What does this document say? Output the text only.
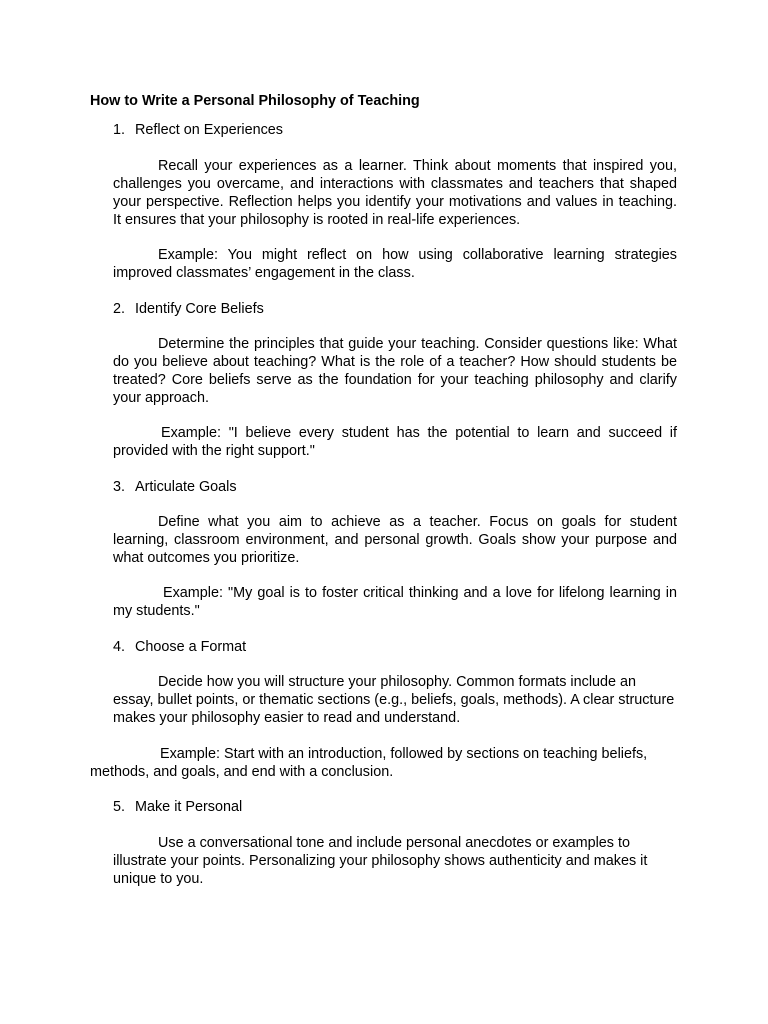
How to Write a Personal Philosophy of Teaching
1. Reflect on Experiences

Recall your experiences as a learner. Think about moments that inspired you, challenges you overcame, and interactions with classmates and teachers that shaped your perspective. Reflection helps you identify your motivations and values in teaching. It ensures that your philosophy is rooted in real-life experiences.

Example: You might reflect on how using collaborative learning strategies improved classmates’ engagement in the class.

2. Identify Core Beliefs

Determine the principles that guide your teaching. Consider questions like: What do you believe about teaching? What is the role of a teacher? How should students be treated? Core beliefs serve as the foundation for your teaching philosophy and clarify your approach.

Example: "I believe every student has the potential to learn and succeed if provided with the right support."

3. Articulate Goals

Define what you aim to achieve as a teacher. Focus on goals for student learning, classroom environment, and personal growth. Goals show your purpose and what outcomes you prioritize.

Example: "My goal is to foster critical thinking and a love for lifelong learning in my students."

4. Choose a Format

Decide how you will structure your philosophy. Common formats include an essay, bullet points, or thematic sections (e.g., beliefs, goals, methods). A clear structure makes your philosophy easier to read and understand.

Example: Start with an introduction, followed by sections on teaching beliefs, methods, and goals, and end with a conclusion.

5. Make it Personal

Use a conversational tone and include personal anecdotes or examples to illustrate your points. Personalizing your philosophy shows authenticity and makes it unique to you.
